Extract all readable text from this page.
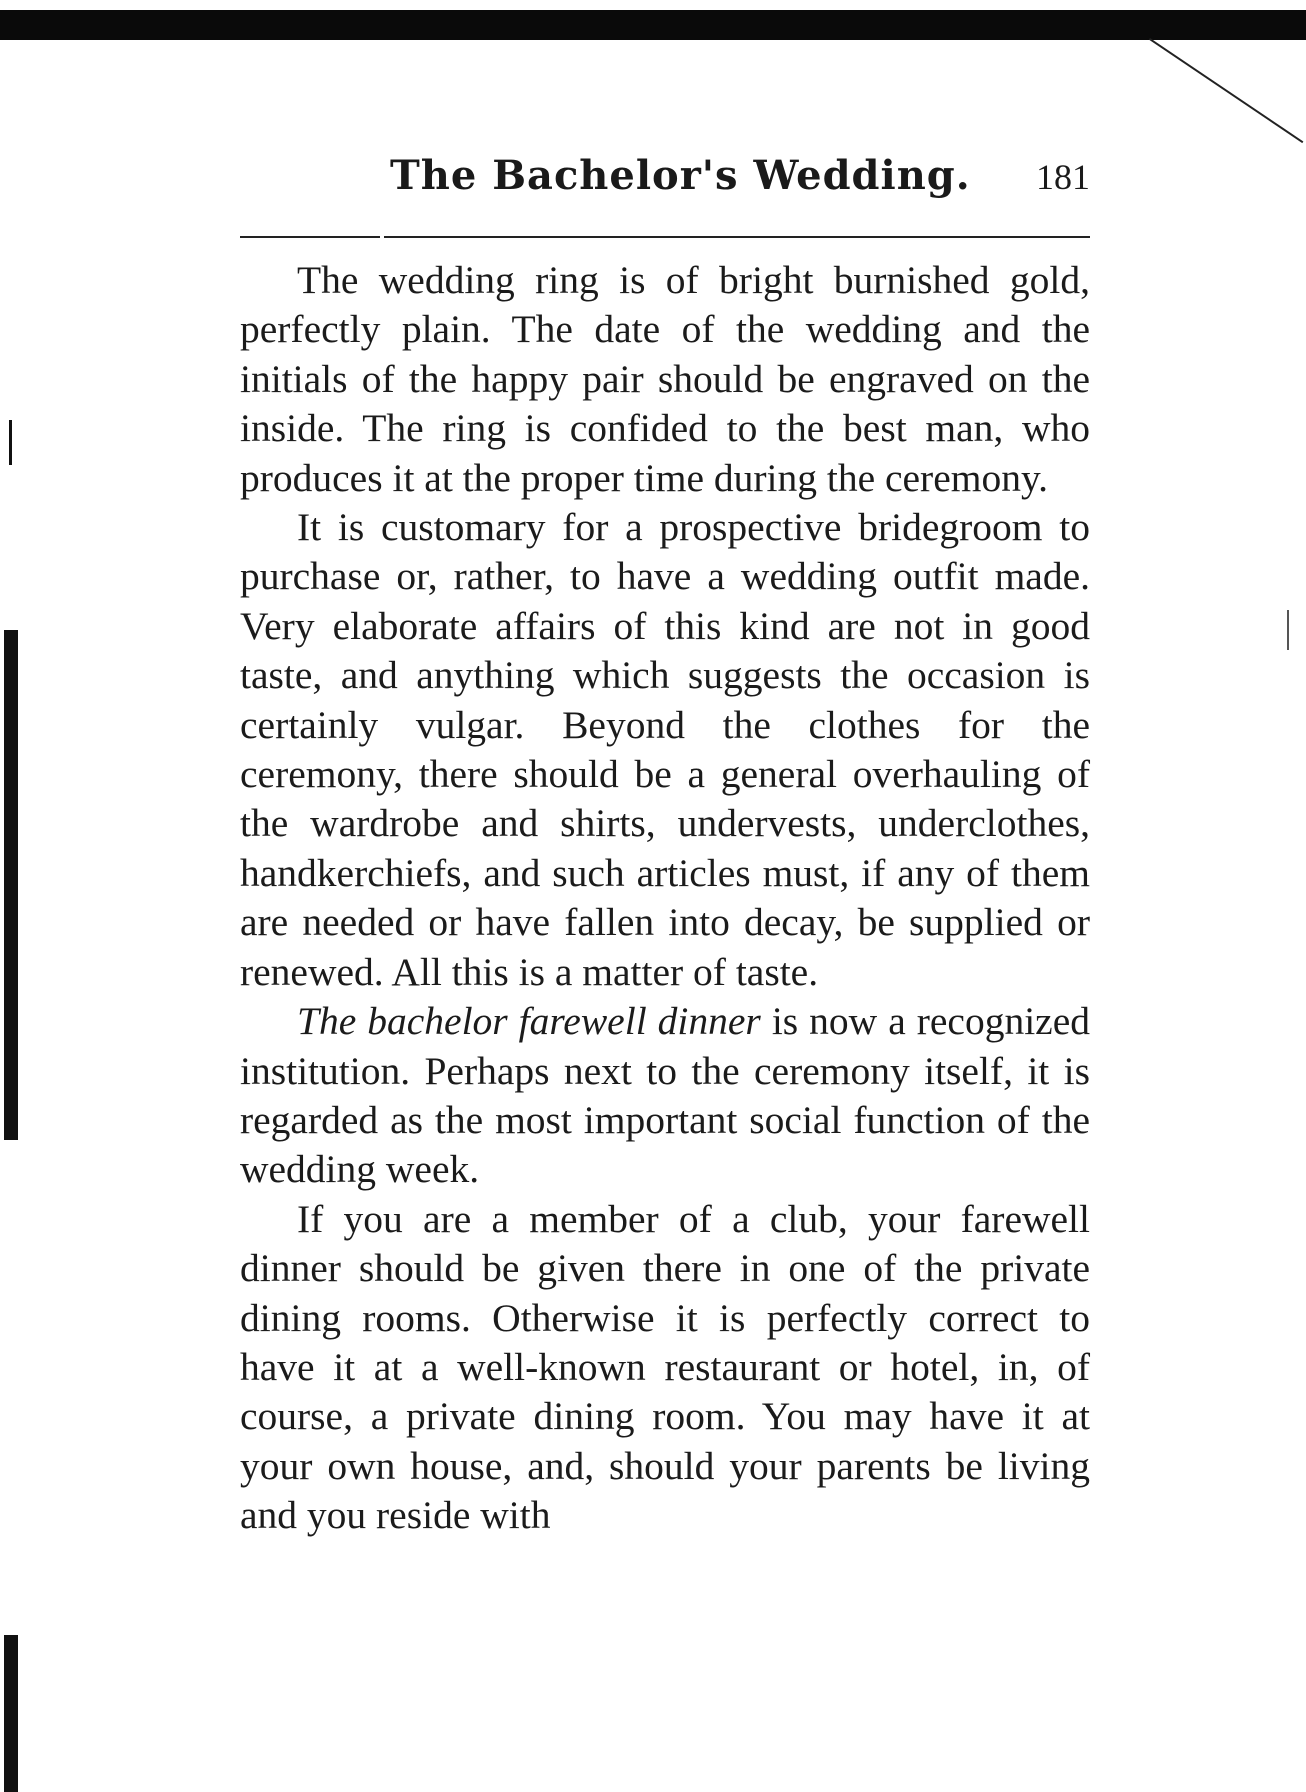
The Bachelor's Wedding. 181

The wedding ring is of bright burnished gold, perfectly plain. The date of the wedding and the initials of the happy pair should be engraved on the inside. The ring is confided to the best man, who produces it at the proper time during the ceremony.

It is customary for a prospective bridegroom to purchase or, rather, to have a wedding outfit made. Very elaborate affairs of this kind are not in good taste, and anything which suggests the occasion is certainly vulgar. Beyond the clothes for the ceremony, there should be a general overhauling of the wardrobe and shirts, undervests, underclothes, handkerchiefs, and such articles must, if any of them are needed or have fallen into decay, be supplied or renewed. All this is a matter of taste.

The bachelor farewell dinner is now a recognized institution. Perhaps next to the ceremony itself, it is regarded as the most important social function of the wedding week.

If you are a member of a club, your farewell dinner should be given there in one of the private dining rooms. Otherwise it is perfectly correct to have it at a well-known restaurant or hotel, in, of course, a private dining room. You may have it at your own house, and, should your parents be living and you reside with
